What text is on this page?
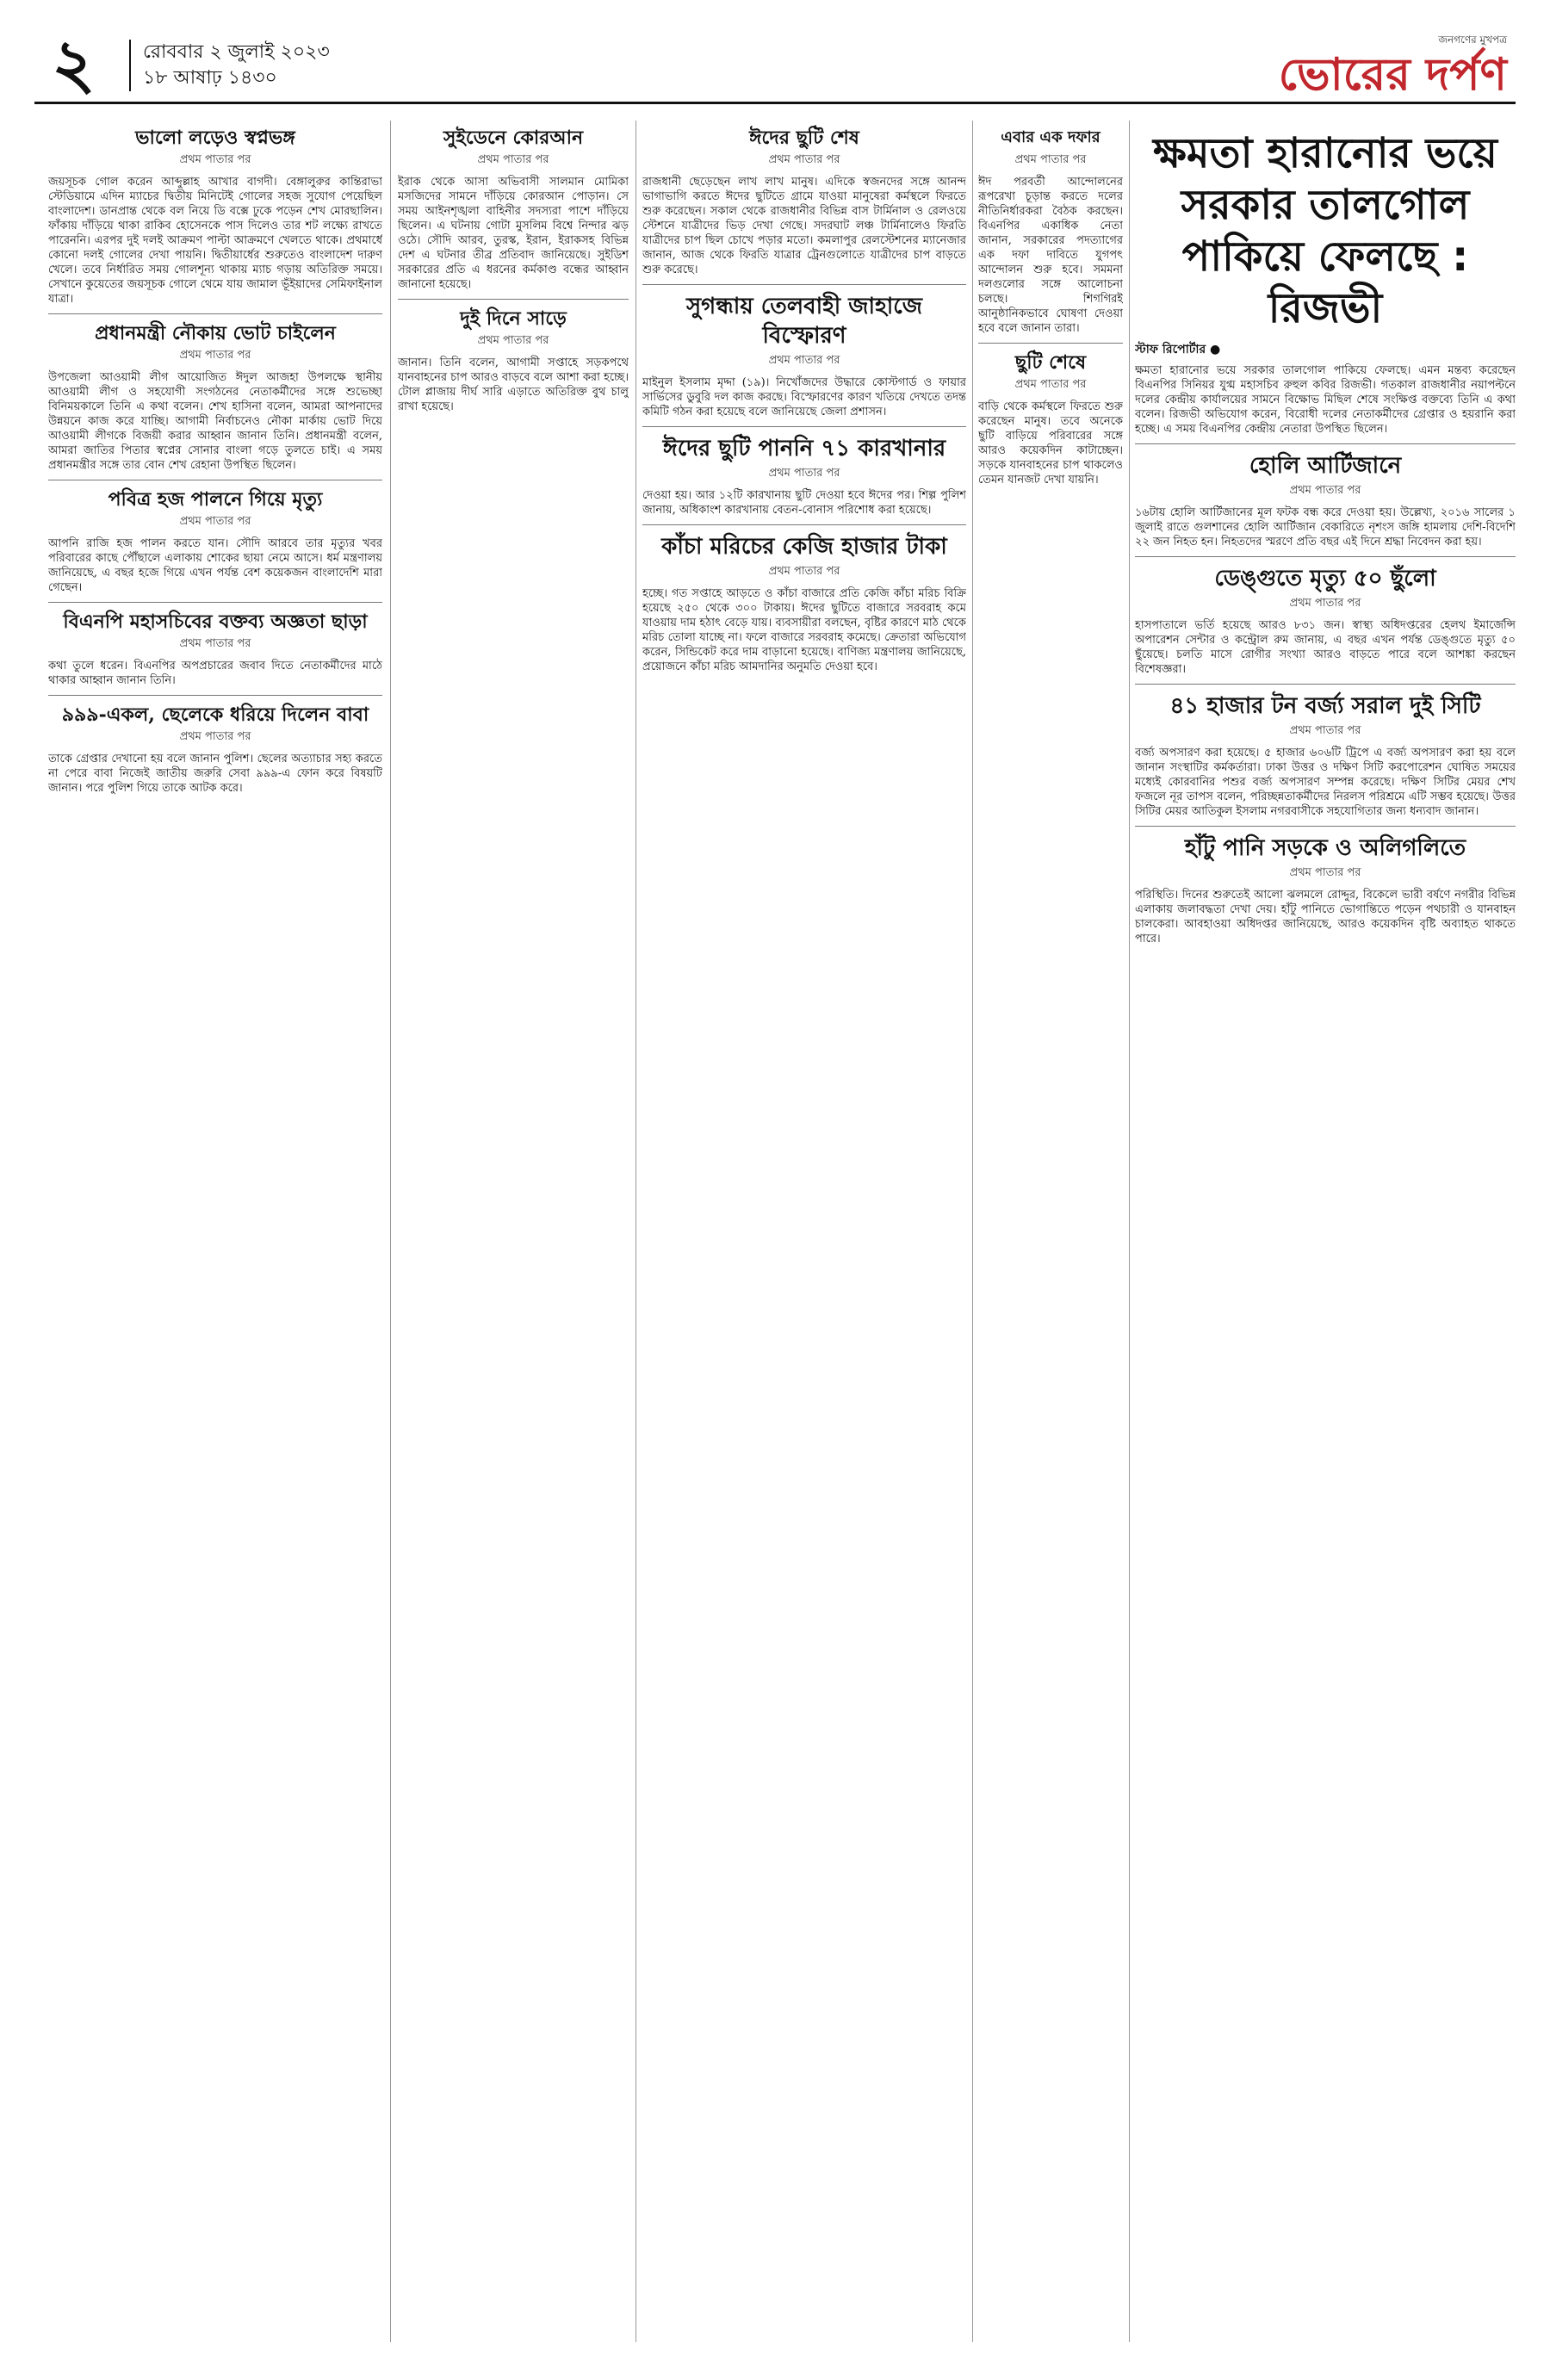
২	রোববার ২ জুলাই ২০২৩
১৮ আষাঢ় ১৪৩০
জনগণের মুখপত্র
ভোরের দর্পণ
ভালো লড়েও স্বপ্নভঙ্গ
প্রথম পাতার পর
জয়সূচক গোল করেন আব্দুল্লাহ আখার বাগদী। বেঙ্গালুরুর কান্তিরাভা স্টেডিয়ামে এদিন ম্যাচের দ্বিতীয় মিনিটেই গোলের সহজ সুযোগ পেয়েছিল বাংলাদেশ। ডানপ্রান্ত থেকে বল নিয়ে ডি বক্সে ঢুকে পড়েন শেখ মোরছালিন। ফাঁকায় দাঁড়িয়ে থাকা রাকিব হোসেনকে পাস দিলেও তার শট লক্ষ্যে রাখতে পারেননি। এরপর দুই দলই আক্রমণ পাল্টা আক্রমণে খেলতে থাকে। প্রথমার্ধে কোনো দলই গোলের দেখা পায়নি। দ্বিতীয়ার্ধের শুরুতেও বাংলাদেশ দারুণ খেলে। তবে নির্ধারিত সময় গোলশূন্য থাকায় ম্যাচ গড়ায় অতিরিক্ত সময়ে। সেখানে কুয়েতের জয়সূচক গোলে থেমে যায় জামাল ভূঁইয়াদের সেমিফাইনাল যাত্রা।
প্রধানমন্ত্রী নৌকায় ভোট চাইলেন
প্রথম পাতার পর
উপজেলা আওয়ামী লীগ আয়োজিত ঈদুল আজহা উপলক্ষে স্থানীয় আওয়ামী লীগ ও সহযোগী সংগঠনের নেতাকর্মীদের সঙ্গে শুভেচ্ছা বিনিময়কালে তিনি এ কথা বলেন। শেখ হাসিনা বলেন, আমরা আপনাদের উন্নয়নে কাজ করে যাচ্ছি। আগামী নির্বাচনেও নৌকা মার্কায় ভোট দিয়ে আওয়ামী লীগকে বিজয়ী করার আহ্বান জানান তিনি। প্রধানমন্ত্রী বলেন, আমরা জাতির পিতার স্বপ্নের সোনার বাংলা গড়ে তুলতে চাই। এ সময় প্রধানমন্ত্রীর সঙ্গে তার বোন শেখ রেহানা উপস্থিত ছিলেন।
পবিত্র হজ পালনে গিয়ে মৃত্যু
প্রথম পাতার পর
আপনি রাজি হজ পালন করতে যান। সৌদি আরবে তার মৃত্যুর খবর পরিবারের কাছে পৌঁছালে এলাকায় শোকের ছায়া নেমে আসে। ধর্ম মন্ত্রণালয় জানিয়েছে, এ বছর হজে গিয়ে এখন পর্যন্ত বেশ কয়েকজন বাংলাদেশি মারা গেছেন।
বিএনপি মহাসচিবের বক্তব্য অজ্ঞতা ছাড়া
প্রথম পাতার পর
কথা তুলে ধরেন। বিএনপির অপপ্রচারের জবাব দিতে নেতাকর্মীদের মাঠে থাকার আহ্বান জানান তিনি।
৯৯৯-একল, ছেলেকে ধরিয়ে দিলেন বাবা
প্রথম পাতার পর
তাকে গ্রেপ্তার দেখানো হয় বলে জানান পুলিশ। ছেলের অত্যাচার সহ্য করতে না পেরে বাবা নিজেই জাতীয় জরুরি সেবা ৯৯৯-এ ফোন করে বিষয়টি জানান। পরে পুলিশ গিয়ে তাকে আটক করে।
সুইডেনে কোরআন
প্রথম পাতার পর
ইরাক থেকে আসা অভিবাসী সালমান মোমিকা মসজিদের সামনে দাঁড়িয়ে কোরআন পোড়ান। সে সময় আইনশৃঙ্খলা বাহিনীর সদস্যরা পাশে দাঁড়িয়ে ছিলেন। এ ঘটনায় গোটা মুসলিম বিশ্বে নিন্দার ঝড় ওঠে। সৌদি আরব, তুরস্ক, ইরান, ইরাকসহ বিভিন্ন দেশ এ ঘটনার তীব্র প্রতিবাদ জানিয়েছে। সুইডিশ সরকারের প্রতি এ ধরনের কর্মকাণ্ড বন্ধের আহ্বান জানানো হয়েছে।
দুই দিনে সাড়ে
প্রথম পাতার পর
জানান। তিনি বলেন, আগামী সপ্তাহে সড়কপথে যানবাহনের চাপ আরও বাড়বে বলে আশা করা হচ্ছে। টোল প্লাজায় দীর্ঘ সারি এড়াতে অতিরিক্ত বুথ চালু রাখা হয়েছে।
ঈদের ছুটি শেষ
প্রথম পাতার পর
রাজধানী ছেড়েছেন লাখ লাখ মানুষ। এদিকে স্বজনদের সঙ্গে আনন্দ ভাগাভাগি করতে ঈদের ছুটিতে গ্রামে যাওয়া মানুষেরা কর্মস্থলে ফিরতে শুরু করেছেন। সকাল থেকে রাজধানীর বিভিন্ন বাস টার্মিনাল ও রেলওয়ে স্টেশনে যাত্রীদের ভিড় দেখা গেছে। সদরঘাট লঞ্চ টার্মিনালেও ফিরতি যাত্রীদের চাপ ছিল চোখে পড়ার মতো। কমলাপুর রেলস্টেশনের ম্যানেজার জানান, আজ থেকে ফিরতি যাত্রার ট্রেনগুলোতে যাত্রীদের চাপ বাড়তে শুরু করেছে।
সুগন্ধায় তেলবাহী জাহাজে বিস্ফোরণ
প্রথম পাতার পর
মাইনুল ইসলাম মৃদ্দা (১৯)। নিখোঁজদের উদ্ধারে কোস্টগার্ড ও ফায়ার সার্ভিসের ডুবুরি দল কাজ করছে। বিস্ফোরণের কারণ খতিয়ে দেখতে তদন্ত কমিটি গঠন করা হয়েছে বলে জানিয়েছে জেলা প্রশাসন।
ঈদের ছুটি পাননি ৭১ কারখানার
প্রথম পাতার পর
দেওয়া হয়। আর ১২টি কারখানায় ছুটি দেওয়া হবে ঈদের পর। শিল্প পুলিশ জানায়, অধিকাংশ কারখানায় বেতন-বোনাস পরিশোধ করা হয়েছে।
কাঁচা মরিচের কেজি হাজার টাকা
প্রথম পাতার পর
হচ্ছে। গত সপ্তাহে আড়তে ও কাঁচা বাজারে প্রতি কেজি কাঁচা মরিচ বিক্রি হয়েছে ২৫০ থেকে ৩০০ টাকায়। ঈদের ছুটিতে বাজারে সরবরাহ কমে যাওয়ায় দাম হঠাৎ বেড়ে যায়। ব্যবসায়ীরা বলছেন, বৃষ্টির কারণে মাঠ থেকে মরিচ তোলা যাচ্ছে না। ফলে বাজারে সরবরাহ কমেছে। ক্রেতারা অভিযোগ করেন, সিন্ডিকেট করে দাম বাড়ানো হয়েছে। বাণিজ্য মন্ত্রণালয় জানিয়েছে, প্রয়োজনে কাঁচা মরিচ আমদানির অনুমতি দেওয়া হবে।
এবার এক দফার
প্রথম পাতার পর
ঈদ পরবর্তী আন্দোলনের রূপরেখা চূড়ান্ত করতে দলের নীতিনির্ধারকরা বৈঠক করছেন। বিএনপির একাধিক নেতা জানান, সরকারের পদত্যাগের এক দফা দাবিতে যুগপৎ আন্দোলন শুরু হবে। সমমনা দলগুলোর সঙ্গে আলোচনা চলছে। শিগগিরই আনুষ্ঠানিকভাবে ঘোষণা দেওয়া হবে বলে জানান তারা।
ছুটি শেষে
প্রথম পাতার পর
বাড়ি থেকে কর্মস্থলে ফিরতে শুরু করেছেন মানুষ। তবে অনেকে ছুটি বাড়িয়ে পরিবারের সঙ্গে আরও কয়েকদিন কাটাচ্ছেন। সড়কে যানবাহনের চাপ থাকলেও তেমন যানজট দেখা যায়নি।
ক্ষমতা হারানোর ভয়ে সরকার তালগোল পাকিয়ে ফেলছে : রিজভী
স্টাফ রিপোর্টার ●
ক্ষমতা হারানোর ভয়ে সরকার তালগোল পাকিয়ে ফেলছে। এমন মন্তব্য করেছেন বিএনপির সিনিয়র যুগ্ম মহাসচিব রুহুল কবির রিজভী। গতকাল রাজধানীর নয়াপল্টনে দলের কেন্দ্রীয় কার্যালয়ের সামনে বিক্ষোভ মিছিল শেষে সংক্ষিপ্ত বক্তব্যে তিনি এ কথা বলেন। রিজভী অভিযোগ করেন, বিরোধী দলের নেতাকর্মীদের গ্রেপ্তার ও হয়রানি করা হচ্ছে। এ সময় বিএনপির কেন্দ্রীয় নেতারা উপস্থিত ছিলেন।
হোলি আর্টিজানে
প্রথম পাতার পর
১৬টায় হোলি আর্টিজানের মূল ফটক বন্ধ করে দেওয়া হয়। উল্লেখ্য, ২০১৬ সালের ১ জুলাই রাতে গুলশানের হোলি আর্টিজান বেকারিতে নৃশংস জঙ্গি হামলায় দেশি-বিদেশি ২২ জন নিহত হন। নিহতদের স্মরণে প্রতি বছর এই দিনে শ্রদ্ধা নিবেদন করা হয়।
ডেঙ্গুতে মৃত্যু ৫০ ছুঁলো
প্রথম পাতার পর
হাসপাতালে ভর্তি হয়েছে আরও ৮৩১ জন। স্বাস্থ্য অধিদপ্তরের হেলথ ইমার্জেন্সি অপারেশন সেন্টার ও কন্ট্রোল রুম জানায়, এ বছর এখন পর্যন্ত ডেঙ্গুতে মৃত্যু ৫০ ছুঁয়েছে। চলতি মাসে রোগীর সংখ্যা আরও বাড়তে পারে বলে আশঙ্কা করছেন বিশেষজ্ঞরা।
৪১ হাজার টন বর্জ্য সরাল দুই সিটি
প্রথম পাতার পর
বর্জ্য অপসারণ করা হয়েছে। ৫ হাজার ৬০৬টি ট্রিপে এ বর্জ্য অপসারণ করা হয় বলে জানান সংস্থাটির কর্মকর্তারা। ঢাকা উত্তর ও দক্ষিণ সিটি করপোরেশন ঘোষিত সময়ের মধ্যেই কোরবানির পশুর বর্জ্য অপসারণ সম্পন্ন করেছে। দক্ষিণ সিটির মেয়র শেখ ফজলে নূর তাপস বলেন, পরিচ্ছন্নতাকর্মীদের নিরলস পরিশ্রমে এটি সম্ভব হয়েছে। উত্তর সিটির মেয়র আতিকুল ইসলাম নগরবাসীকে সহযোগিতার জন্য ধন্যবাদ জানান।
হাঁটু পানি সড়কে ও অলিগলিতে
প্রথম পাতার পর
পরিস্থিতি। দিনের শুরুতেই আলো ঝলমলে রোদ্দুর, বিকেলে ভারী বর্ষণে নগরীর বিভিন্ন এলাকায় জলাবদ্ধতা দেখা দেয়। হাঁটু পানিতে ভোগান্তিতে পড়েন পথচারী ও যানবাহন চালকেরা। আবহাওয়া অধিদপ্তর জানিয়েছে, আরও কয়েকদিন বৃষ্টি অব্যাহত থাকতে পারে।
